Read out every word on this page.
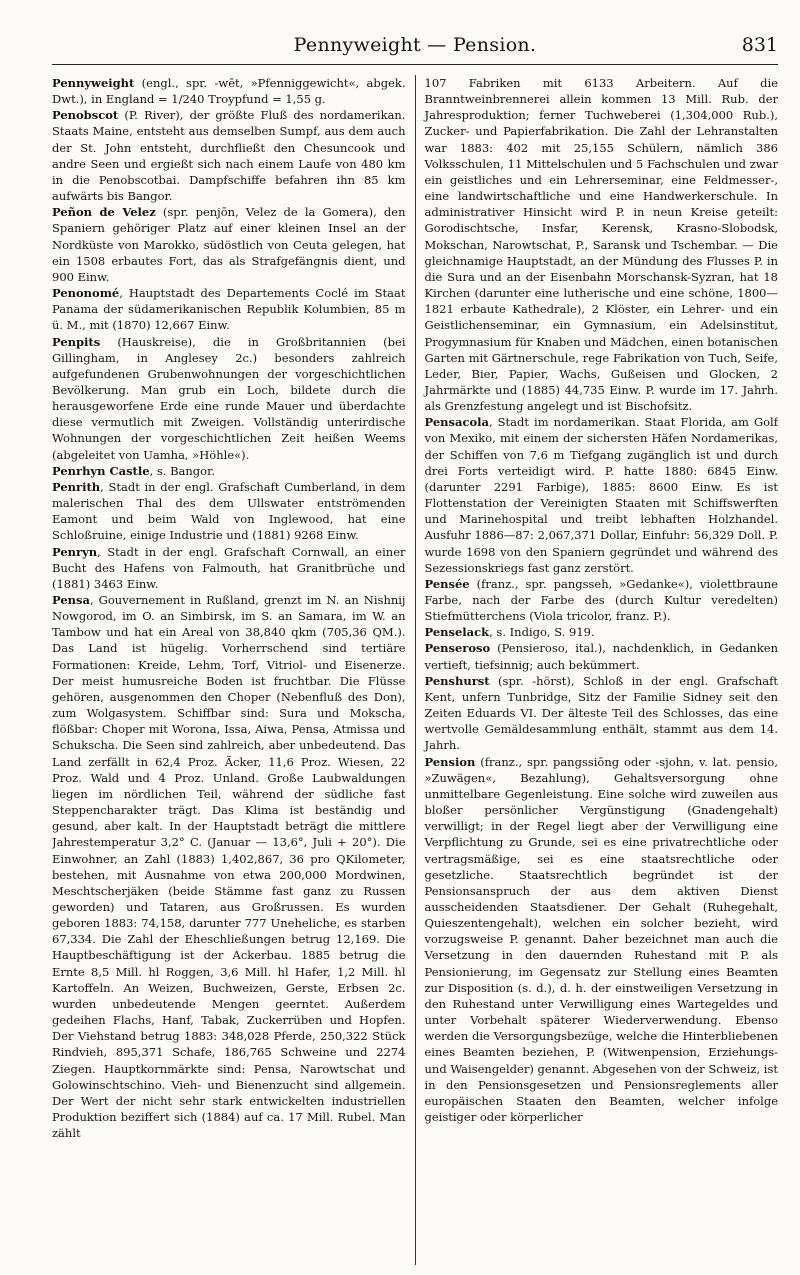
Pennyweight — Pension.	831

Pennyweight (engl., spr. -wēt, »Pfenniggewicht«, abgek. Dwt.), in England = 1/240 Troypfund = 1,55 g.

Penobscot (P. River), der größte Fluß des nordamerikan. Staats Maine, entsteht aus demselben Sumpf, aus dem auch der St. John entsteht, durchfließt den Chesuncook und andre Seen und ergießt sich nach einem Laufe von 480 km in die Penobscotbai. Dampfschiffe befahren ihn 85 km aufwärts bis Bangor.

Peñon de Velez (spr. penjōn, Velez de la Gomera), den Spaniern gehöriger Platz auf einer kleinen Insel an der Nordküste von Marokko, südöstlich von Ceuta gelegen, hat ein 1508 erbautes Fort, das als Strafgefängnis dient, und 900 Einw.

Penonomé, Hauptstadt des Departements Coclé im Staat Panama der südamerikanischen Republik Kolumbien, 85 m ü. M., mit (1870) 12,667 Einw.

Penpits (Hauskreise), die in Großbritannien (bei Gillingham, in Anglesey 2c.) besonders zahlreich aufgefundenen Grubenwohnungen der vorgeschichtlichen Bevölkerung. Man grub ein Loch, bildete durch die herausgeworfene Erde eine runde Mauer und überdachte diese vermutlich mit Zweigen. Vollständig unterirdische Wohnungen der vorgeschichtlichen Zeit heißen Weems (abgeleitet von Uamha, »Höhle«).

Penrhyn Castle, s. Bangor.

Penrith, Stadt in der engl. Grafschaft Cumberland, in dem malerischen Thal des dem Ullswater entströmenden Eamont und beim Wald von Inglewood, hat eine Schloßruine, einige Industrie und (1881) 9268 Einw.

Penryn, Stadt in der engl. Grafschaft Cornwall, an einer Bucht des Hafens von Falmouth, hat Granitbrüche und (1881) 3463 Einw.

Pensa, Gouvernement in Rußland, grenzt im N. an Nishnij Nowgorod, im O. an Simbirsk, im S. an Samara, im W. an Tambow und hat ein Areal von 38,840 qkm (705,36 QM.). Das Land ist hügelig. Vorherrschend sind tertiäre Formationen: Kreide, Lehm, Torf, Vitriol- und Eisenerze. Der meist humusreiche Boden ist fruchtbar. Die Flüsse gehören, ausgenommen den Choper (Nebenfluß des Don), zum Wolgasystem. Schiffbar sind: Sura und Mokscha, flößbar: Choper mit Worona, Issa, Aiwa, Pensa, Atmissa und Schukscha. Die Seen sind zahlreich, aber unbedeutend. Das Land zerfällt in 62,4 Proz. Äcker, 11,6 Proz. Wiesen, 22 Proz. Wald und 4 Proz. Unland. Große Laubwaldungen liegen im nördlichen Teil, während der südliche fast Steppencharakter trägt. Das Klima ist beständig und gesund, aber kalt. In der Hauptstadt beträgt die mittlere Jahrestemperatur 3,2° C. (Januar — 13,6°, Juli + 20°). Die Einwohner, an Zahl (1883) 1,402,867, 36 pro QKilometer, bestehen, mit Ausnahme von etwa 200,000 Mordwinen, Meschtscherjäken (beide Stämme fast ganz zu Russen geworden) und Tataren, aus Großrussen. Es wurden geboren 1883: 74,158, darunter 777 Uneheliche, es starben 67,334. Die Zahl der Eheschließungen betrug 12,169. Die Hauptbeschäftigung ist der Ackerbau. 1885 betrug die Ernte 8,5 Mill. hl Roggen, 3,6 Mill. hl Hafer, 1,2 Mill. hl Kartoffeln. An Weizen, Buchweizen, Gerste, Erbsen 2c. wurden unbedeutende Mengen geerntet. Außerdem gedeihen Flachs, Hanf, Tabak, Zuckerrüben und Hopfen. Der Viehstand betrug 1883: 348,028 Pferde, 250,322 Stück Rindvieh, 895,371 Schafe, 186,765 Schweine und 2274 Ziegen. Hauptkornmärkte sind: Pensa, Narowtschat und Golowinschtschino. Vieh- und Bienenzucht sind allgemein. Der Wert der nicht sehr stark entwickelten industriellen Produktion beziffert sich (1884) auf ca. 17 Mill. Rubel. Man zählt

107 Fabriken mit 6133 Arbeitern. Auf die Branntweinbrennerei allein kommen 13 Mill. Rub. der Jahresproduktion; ferner Tuchweberei (1,304,000 Rub.), Zucker- und Papierfabrikation. Die Zahl der Lehranstalten war 1883: 402 mit 25,155 Schülern, nämlich 386 Volksschulen, 11 Mittelschulen und 5 Fachschulen und zwar ein geistliches und ein Lehrerseminar, eine Feldmesser-, eine landwirtschaftliche und eine Handwerkerschule. In administrativer Hinsicht wird P. in neun Kreise geteilt: Gorodischtsche, Insfar, Kerensk, Krasno-Slobodsk, Mokschan, Narowtschat, P., Saransk und Tschembar. — Die gleichnamige Hauptstadt, an der Mündung des Flusses P. in die Sura und an der Eisenbahn Morschansk-Syzran, hat 18 Kirchen (darunter eine lutherische und eine schöne, 1800—1821 erbaute Kathedrale), 2 Klöster, ein Lehrer- und ein Geistlichenseminar, ein Gymnasium, ein Adelsinstitut, Progymnasium für Knaben und Mädchen, einen botanischen Garten mit Gärtnerschule, rege Fabrikation von Tuch, Seife, Leder, Bier, Papier, Wachs, Gußeisen und Glocken, 2 Jahrmärkte und (1885) 44,735 Einw. P. wurde im 17. Jahrh. als Grenzfestung angelegt und ist Bischofsitz.

Pensacola, Stadt im nordamerikan. Staat Florida, am Golf von Mexiko, mit einem der sichersten Häfen Nordamerikas, der Schiffen von 7,6 m Tiefgang zugänglich ist und durch drei Forts verteidigt wird. P. hatte 1880: 6845 Einw. (darunter 2291 Farbige), 1885: 8600 Einw. Es ist Flottenstation der Vereinigten Staaten mit Schiffswerften und Marinehospital und treibt lebhaften Holzhandel. Ausfuhr 1886—87: 2,067,371 Dollar, Einfuhr: 56,329 Doll. P. wurde 1698 von den Spaniern gegründet und während des Sezessionskriegs fast ganz zerstört.

Pensée (franz., spr. pangsseh, »Gedanke«), violettbraune Farbe, nach der Farbe des (durch Kultur veredelten) Stiefmütterchens (Viola tricolor, franz. P.).

Penselack, s. Indigo, S. 919.

Penseroso (Pensieroso, ital.), nachdenklich, in Gedanken vertieft, tiefsinnig; auch bekümmert.

Penshurst (spr. -hörst), Schloß in der engl. Grafschaft Kent, unfern Tunbridge, Sitz der Familie Sidney seit den Zeiten Eduards VI. Der älteste Teil des Schlosses, das eine wertvolle Gemäldesammlung enthält, stammt aus dem 14. Jahrh.

Pension (franz., spr. pangssiōng oder -sjohn, v. lat. pensio, »Zuwägen«, Bezahlung), Gehaltsversorgung ohne unmittelbare Gegenleistung. Eine solche wird zuweilen aus bloßer persönlicher Vergünstigung (Gnadengehalt) verwilligt; in der Regel liegt aber der Verwilligung eine Verpflichtung zu Grunde, sei es eine privatrechtliche oder vertragsmäßige, sei es eine staatsrechtliche oder gesetzliche. Staatsrechtlich begründet ist der Pensionsanspruch der aus dem aktiven Dienst ausscheidenden Staatsdiener. Der Gehalt (Ruhegehalt, Quieszentengehalt), welchen ein solcher bezieht, wird vorzugsweise P. genannt. Daher bezeichnet man auch die Versetzung in den dauernden Ruhestand mit P. als Pensionierung, im Gegensatz zur Stellung eines Beamten zur Disposition (s. d.), d. h. der einstweiligen Versetzung in den Ruhestand unter Verwilligung eines Wartegeldes und unter Vorbehalt späterer Wiederverwendung. Ebenso werden die Versorgungsbezüge, welche die Hinterbliebenen eines Beamten beziehen, P. (Witwenpension, Erziehungs- und Waisengelder) genannt. Abgesehen von der Schweiz, ist in den Pensionsgesetzen und Pensionsreglements aller europäischen Staaten den Beamten, welcher infolge geistiger oder körperlicher
